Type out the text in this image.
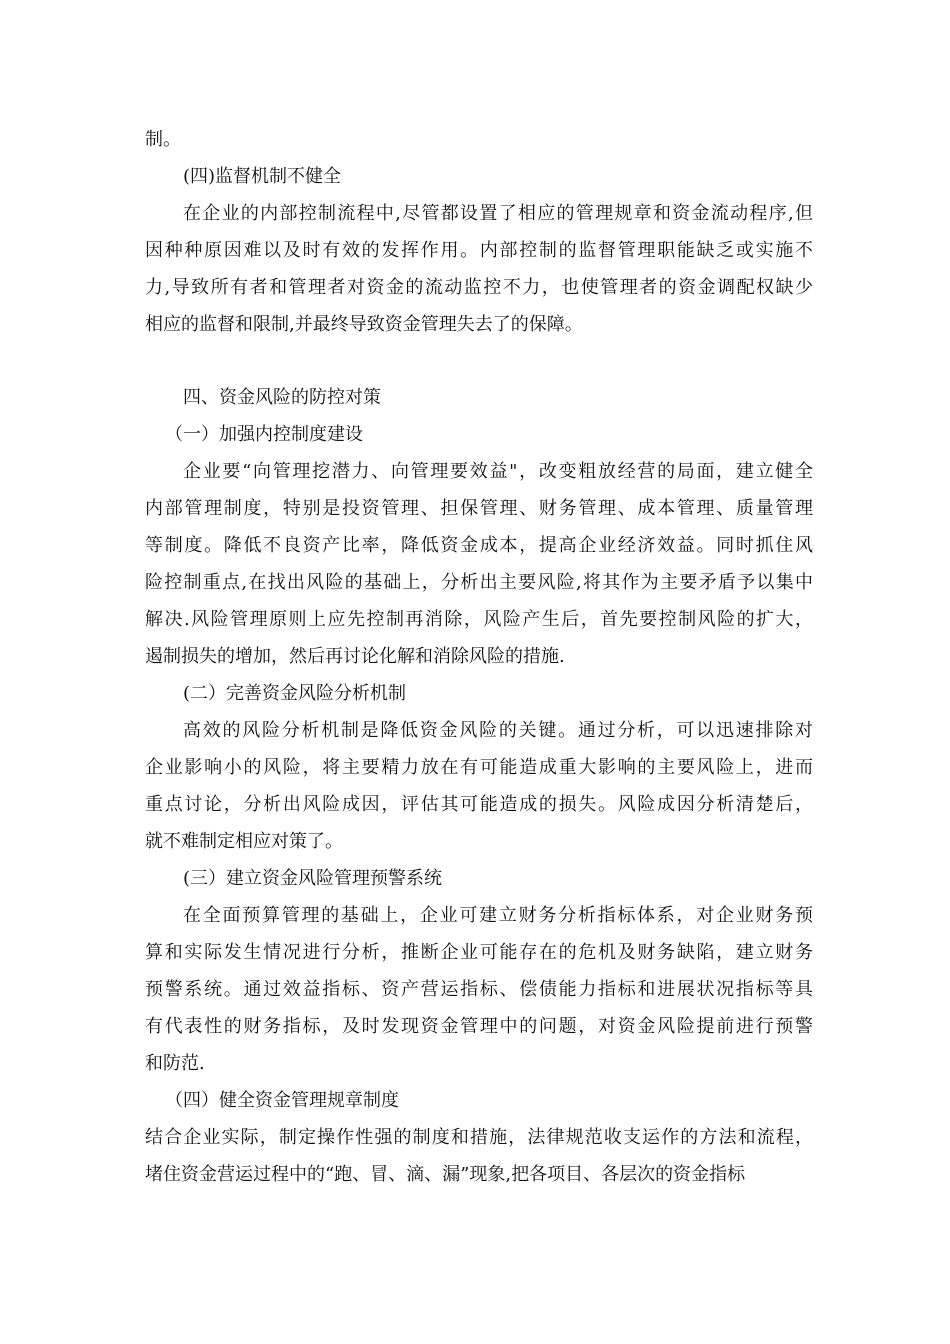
制。
(四)监督机制不健全
在企业的内部控制流程中,尽管都设置了相应的管理规章和资金流动程序,但
因种种原因难以及时有效的发挥作用。内部控制的监督管理职能缺乏或实施不
力,导致所有者和管理者对资金的流动监控不力，也使管理者的资金调配权缺少
相应的监督和限制,并最终导致资金管理失去了的保障。
四、资金风险的防控对策
（一）加强内控制度建设
企业要“向管理挖潜力、向管理要效益"，改变粗放经营的局面，建立健全
内部管理制度，特别是投资管理、担保管理、财务管理、成本管理、质量管理
等制度。降低不良资产比率，降低资金成本，提高企业经济效益。同时抓住风
险控制重点,在找出风险的基础上，分析出主要风险,将其作为主要矛盾予以集中
解决.风险管理原则上应先控制再消除，风险产生后，首先要控制风险的扩大，
遏制损失的增加，然后再讨论化解和消除风险的措施.
(二）完善资金风险分析机制
高效的风险分析机制是降低资金风险的关键。通过分析，可以迅速排除对
企业影响小的风险，将主要精力放在有可能造成重大影响的主要风险上，进而
重点讨论，分析出风险成因，评估其可能造成的损失。风险成因分析清楚后，
就不难制定相应对策了。
(三）建立资金风险管理预警系统
在全面预算管理的基础上，企业可建立财务分析指标体系，对企业财务预
算和实际发生情况进行分析，推断企业可能存在的危机及财务缺陷，建立财务
预警系统。通过效益指标、资产营运指标、偿债能力指标和进展状况指标等具
有代表性的财务指标，及时发现资金管理中的问题，对资金风险提前进行预警
和防范.
（四）健全资金管理规章制度
结合企业实际，制定操作性强的制度和措施，法律规范收支运作的方法和流程，
堵住资金营运过程中的“跑、冒、滴、漏”现象,把各项目、各层次的资金指标
